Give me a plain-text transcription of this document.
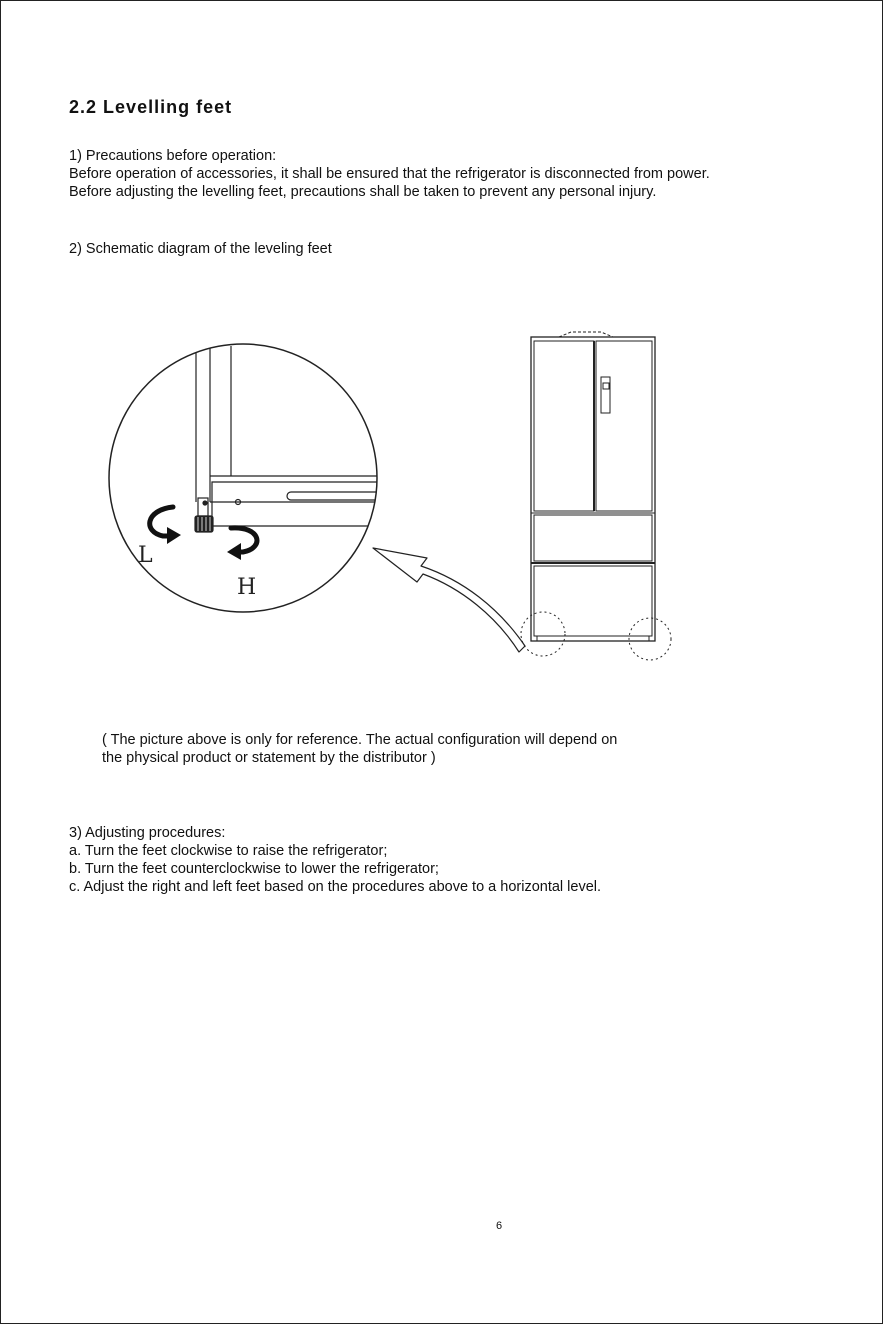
2.2 Levelling feet
1) Precautions before operation:
Before operation of accessories, it shall be ensured that the refrigerator is disconnected from power.
Before adjusting the levelling feet, precautions shall be taken to prevent any personal injury.
2) Schematic diagram of the leveling feet
L
H
( The picture above is only for reference. The actual configuration will depend on
the physical product or statement by the distributor )
3) Adjusting procedures:
a. Turn the feet clockwise to raise the refrigerator;
b. Turn the feet counterclockwise to lower the refrigerator;
c. Adjust the right and left feet based on the procedures above to a horizontal level.
6
